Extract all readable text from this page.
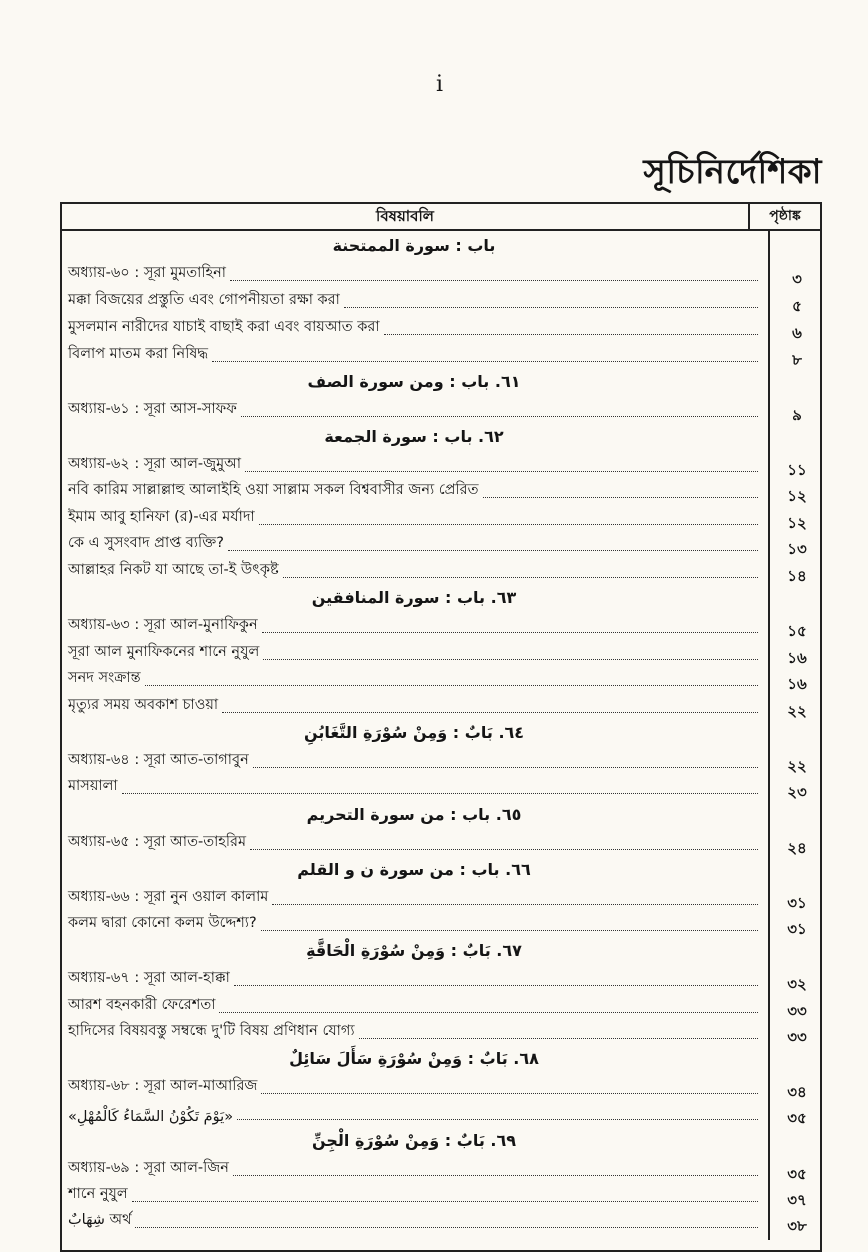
i
সূচিনির্দেশিকা
বিষয়াবলি	পৃষ্ঠাঙ্ক
باب : سورة الممتحنة
অধ্যায়-৬০ : সূরা মুমতাহিনা	৩
মক্কা বিজয়ের প্রস্তুতি এবং গোপনীয়তা রক্ষা করা	৫
মুসলমান নারীদের যাচাই বাছাই করা এবং বায়আত করা	৬
বিলাপ মাতম করা নিষিদ্ধ	৮
٦١. باب : ومن سورة الصف
অধ্যায়-৬১ : সূরা আস-সাফফ	৯
٦٢. باب : سورة الجمعة
অধ্যায়-৬২ : সূরা আল-জুমুআ	১১
নবি কারিম সাল্লাল্লাহু আলাইহি ওয়া সাল্লাম সকল বিশ্ববাসীর জন্য প্রেরিত	১২
ইমাম আবু হানিফা (র)-এর মর্যাদা	১২
কে এ সুসংবাদ প্রাপ্ত ব্যক্তি?	১৩
আল্লাহর নিকট যা আছে তা-ই উৎকৃষ্ট	১৪
٦٣. باب : سورة المنافقين
অধ্যায়-৬৩ : সূরা আল-মুনাফিকুন	১৫
সূরা আল মুনাফিকনের শানে নুযুল	১৬
সনদ সংক্রান্ত	১৬
মৃত্যুর সময় অবকাশ চাওয়া	২২
٦٤. بَابٌ : وَمِنْ سُوْرَةِ التَّغَابُنِ
অধ্যায়-৬৪ : সূরা আত-তাগাবুন	২২
মাসয়ালা	২৩
٦٥. باب : من سورة التحريم
অধ্যায়-৬৫ : সূরা আত-তাহরিম	২৪
٦٦. باب : من سورة ن و القلم
অধ্যায়-৬৬ : সূরা নুন ওয়াল কালাম	৩১
কলম দ্বারা কোনো কলম উদ্দেশ্য?	৩১
٦٧. بَابٌ : وَمِنْ سُوْرَةِ الْحَاقَّةِ
অধ্যায়-৬৭ : সূরা আল-হাক্কা	৩২
আরশ বহনকারী ফেরেশতা	৩৩
হাদিসের বিষয়বস্তু সম্বন্ধে দু'টি বিষয় প্রণিধান যোগ্য	৩৩
٦٨. بَابٌ : وَمِنْ سُوْرَةِ سَأَلَ سَائِلٌ
অধ্যায়-৬৮ : সূরা আল-মাআরিজ	৩৪
«يَوْمَ تَكُوْنُ السَّمَاءُ كَالْمُهْلِ»	৩৫
٦٩. بَابٌ : وَمِنْ سُوْرَةِ الْجِنِّ
অধ্যায়-৬৯ : সূরা আল-জিন	৩৫
শানে নুযুল	৩৭
شِهَابٌ অর্থ	৩৮
